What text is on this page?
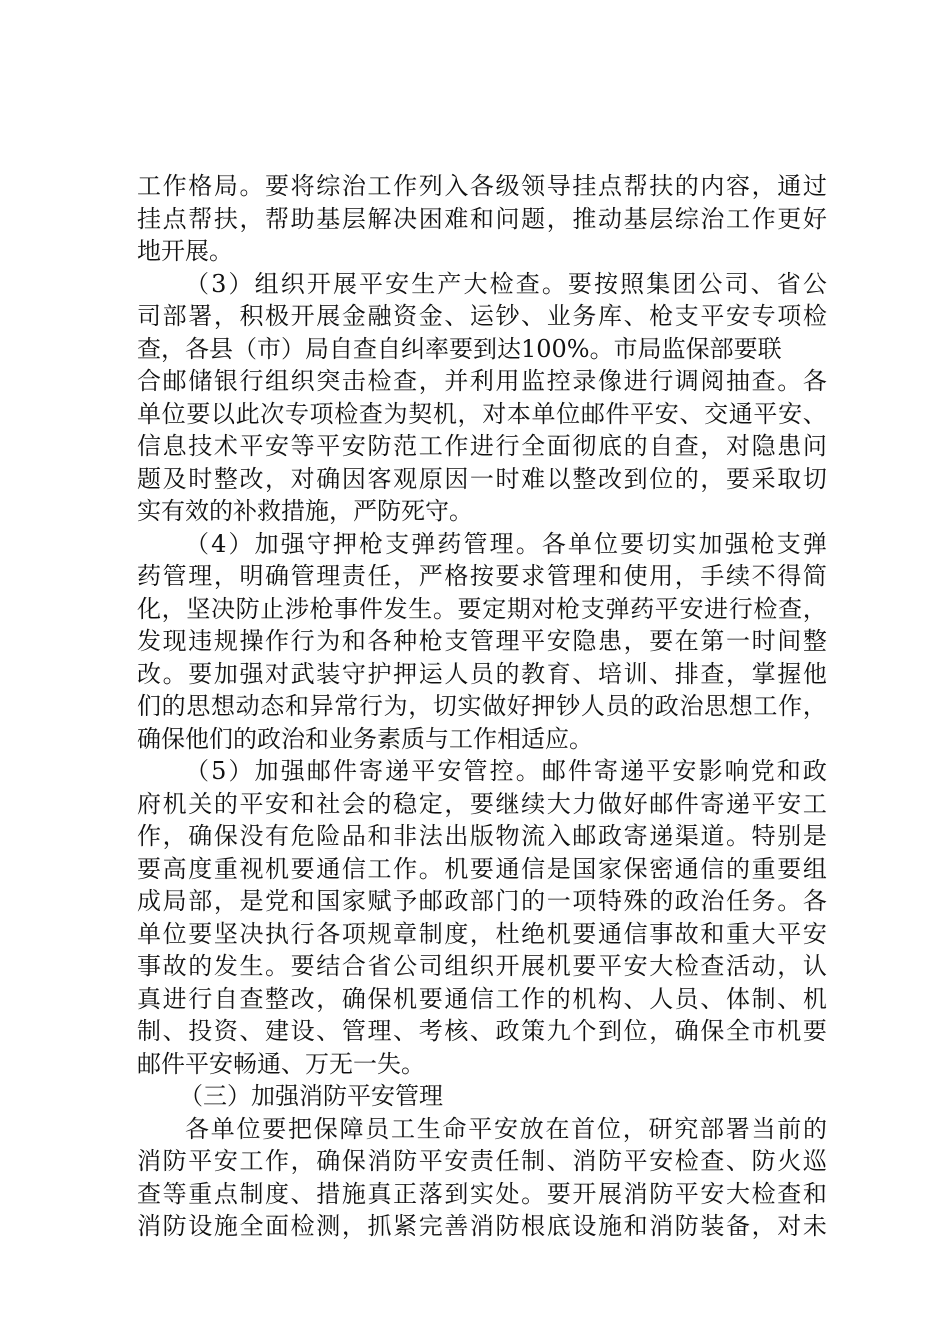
工 作 格 局 。 要 将 综 治 工 作 列 入 各 级 领 导 挂 点 帮 扶 的 内 容 ， 通 过
挂 点 帮 扶 ， 帮 助 基 层 解 决 困 难 和 问 题 ， 推 动 基 层 综 治 工 作 更 好
地开展。
（ 3 ） 组 织 开 展 平 安 生 产 大 检 查 。 要 按 照 集 团 公 司 、 省 公
司 部 署 ， 积 极 开 展 金 融 资 金 、 运 钞 、 业 务 库 、 枪 支 平 安 专 项 检
查，各县（市）局自查自纠率要到达100%。市局监保部要联
合 邮 储 银 行 组 织 突 击 检 查 ， 并 利 用 监 控 录 像 进 行 调 阅 抽 查 。 各
单 位 要 以 此 次 专 项 检 查 为 契 机 ， 对 本 单 位 邮 件 平 安 、 交 通 平 安 、
信 息 技 术 平 安 等 平 安 防 范 工 作 进 行 全 面 彻 底 的 自 查 ， 对 隐 患 问
题 及 时 整 改 ， 对 确 因 客 观 原 因 一 时 难 以 整 改 到 位 的 ， 要 采 取 切
实有效的补救措施，严防死守。
（ 4 ） 加 强 守 押 枪 支 弹 药 管 理 。 各 单 位 要 切 实 加 强 枪 支 弹
药 管 理 ， 明 确 管 理 责 任 ， 严 格 按 要 求 管 理 和 使 用 ， 手 续 不 得 简
化 ， 坚 决 防 止 涉 枪 事 件 发 生 。 要 定 期 对 枪 支 弹 药 平 安 进 行 检 查 ，
发 现 违 规 操 作 行 为 和 各 种 枪 支 管 理 平 安 隐 患 ， 要 在 第 一 时 间 整
改 。 要 加 强 对 武 装 守 护 押 运 人 员 的 教 育 、 培 训 、 排 查 ， 掌 握 他
们 的 思 想 动 态 和 异 常 行 为 ， 切 实 做 好 押 钞 人 员 的 政 治 思 想 工 作 ，
确保他们的政治和业务素质与工作相适应。
（ 5 ） 加 强 邮 件 寄 递 平 安 管 控 。 邮 件 寄 递 平 安 影 响 党 和 政
府 机 关 的 平 安 和 社 会 的 稳 定 ， 要 继 续 大 力 做 好 邮 件 寄 递 平 安 工
作 ， 确 保 没 有 危 险 品 和 非 法 出 版 物 流 入 邮 政 寄 递 渠 道 。 特 别 是
要 高 度 重 视 机 要 通 信 工 作 。 机 要 通 信 是 国 家 保 密 通 信 的 重 要 组
成 局 部 ， 是 党 和 国 家 赋 予 邮 政 部 门 的 一 项 特 殊 的 政 治 任 务 。 各
单 位 要 坚 决 执 行 各 项 规 章 制 度 ， 杜 绝 机 要 通 信 事 故 和 重 大 平 安
事 故 的 发 生 。 要 结 合 省 公 司 组 织 开 展 机 要 平 安 大 检 查 活 动 ， 认
真 进 行 自 查 整 改 ， 确 保 机 要 通 信 工 作 的 机 构 、 人 员 、 体 制 、 机
制 、 投 资 、 建 设 、 管 理 、 考 核 、 政 策 九 个 到 位 ， 确 保 全 市 机 要
邮件平安畅通、万无一失。
（三）加强消防平安管理
各 单 位 要 把 保 障 员 工 生 命 平 安 放 在 首 位 ， 研 究 部 署 当 前 的
消 防 平 安 工 作 ， 确 保 消 防 平 安 责 任 制 、 消 防 平 安 检 查 、 防 火 巡
查 等 重 点 制 度 、 措 施 真 正 落 到 实 处 。 要 开 展 消 防 平 安 大 检 查 和
消 防 设 施 全 面 检 测 ， 抓 紧 完 善 消 防 根 底 设 施 和 消 防 装 备 ， 对 未
